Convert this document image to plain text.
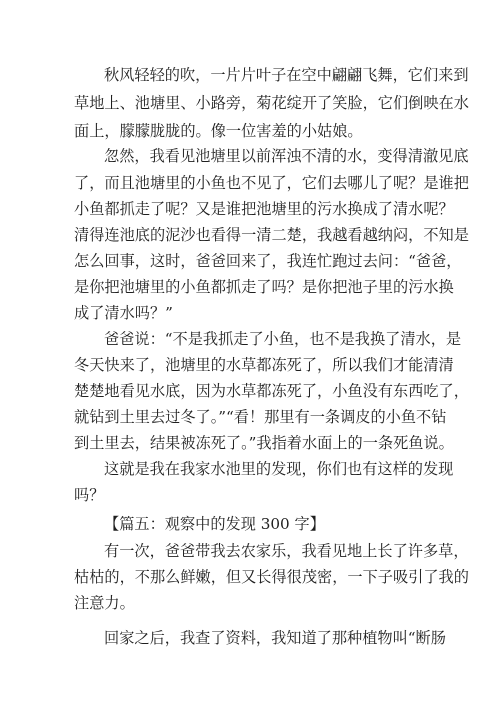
秋风轻轻的吹，一片片叶子在空中翩翩飞舞，它们来到
草地上、池塘里、小路旁，菊花绽开了笑脸，它们倒映在水
面上，朦朦胧胧的。像一位害羞的小姑娘。
忽然，我看见池塘里以前浑浊不清的水，变得清澈见底
了，而且池塘里的小鱼也不见了，它们去哪儿了呢？是谁把
小鱼都抓走了呢？又是谁把池塘里的污水换成了清水呢？
清得连池底的泥沙也看得一清二楚，我越看越纳闷，不知是
怎么回事，这时，爸爸回来了，我连忙跑过去问：“爸爸，
是你把池塘里的小鱼都抓走了吗？是你把池子里的污水换
成了清水吗？”
爸爸说：“不是我抓走了小鱼，也不是我换了清水，是
冬天快来了，池塘里的水草都冻死了，所以我们才能清清
楚楚地看见水底，因为水草都冻死了，小鱼没有东西吃了，
就钻到土里去过冬了。”“看！那里有一条调皮的小鱼不钻
到土里去，结果被冻死了。”我指着水面上的一条死鱼说。
这就是我在我家水池里的发现，你们也有这样的发现
吗？
【篇五：观察中的发现 300 字】
有一次，爸爸带我去农家乐，我看见地上长了许多草，
枯枯的，不那么鲜嫩，但又长得很茂密，一下子吸引了我的
注意力。
回家之后，我查了资料，我知道了那种植物叫“断肠
